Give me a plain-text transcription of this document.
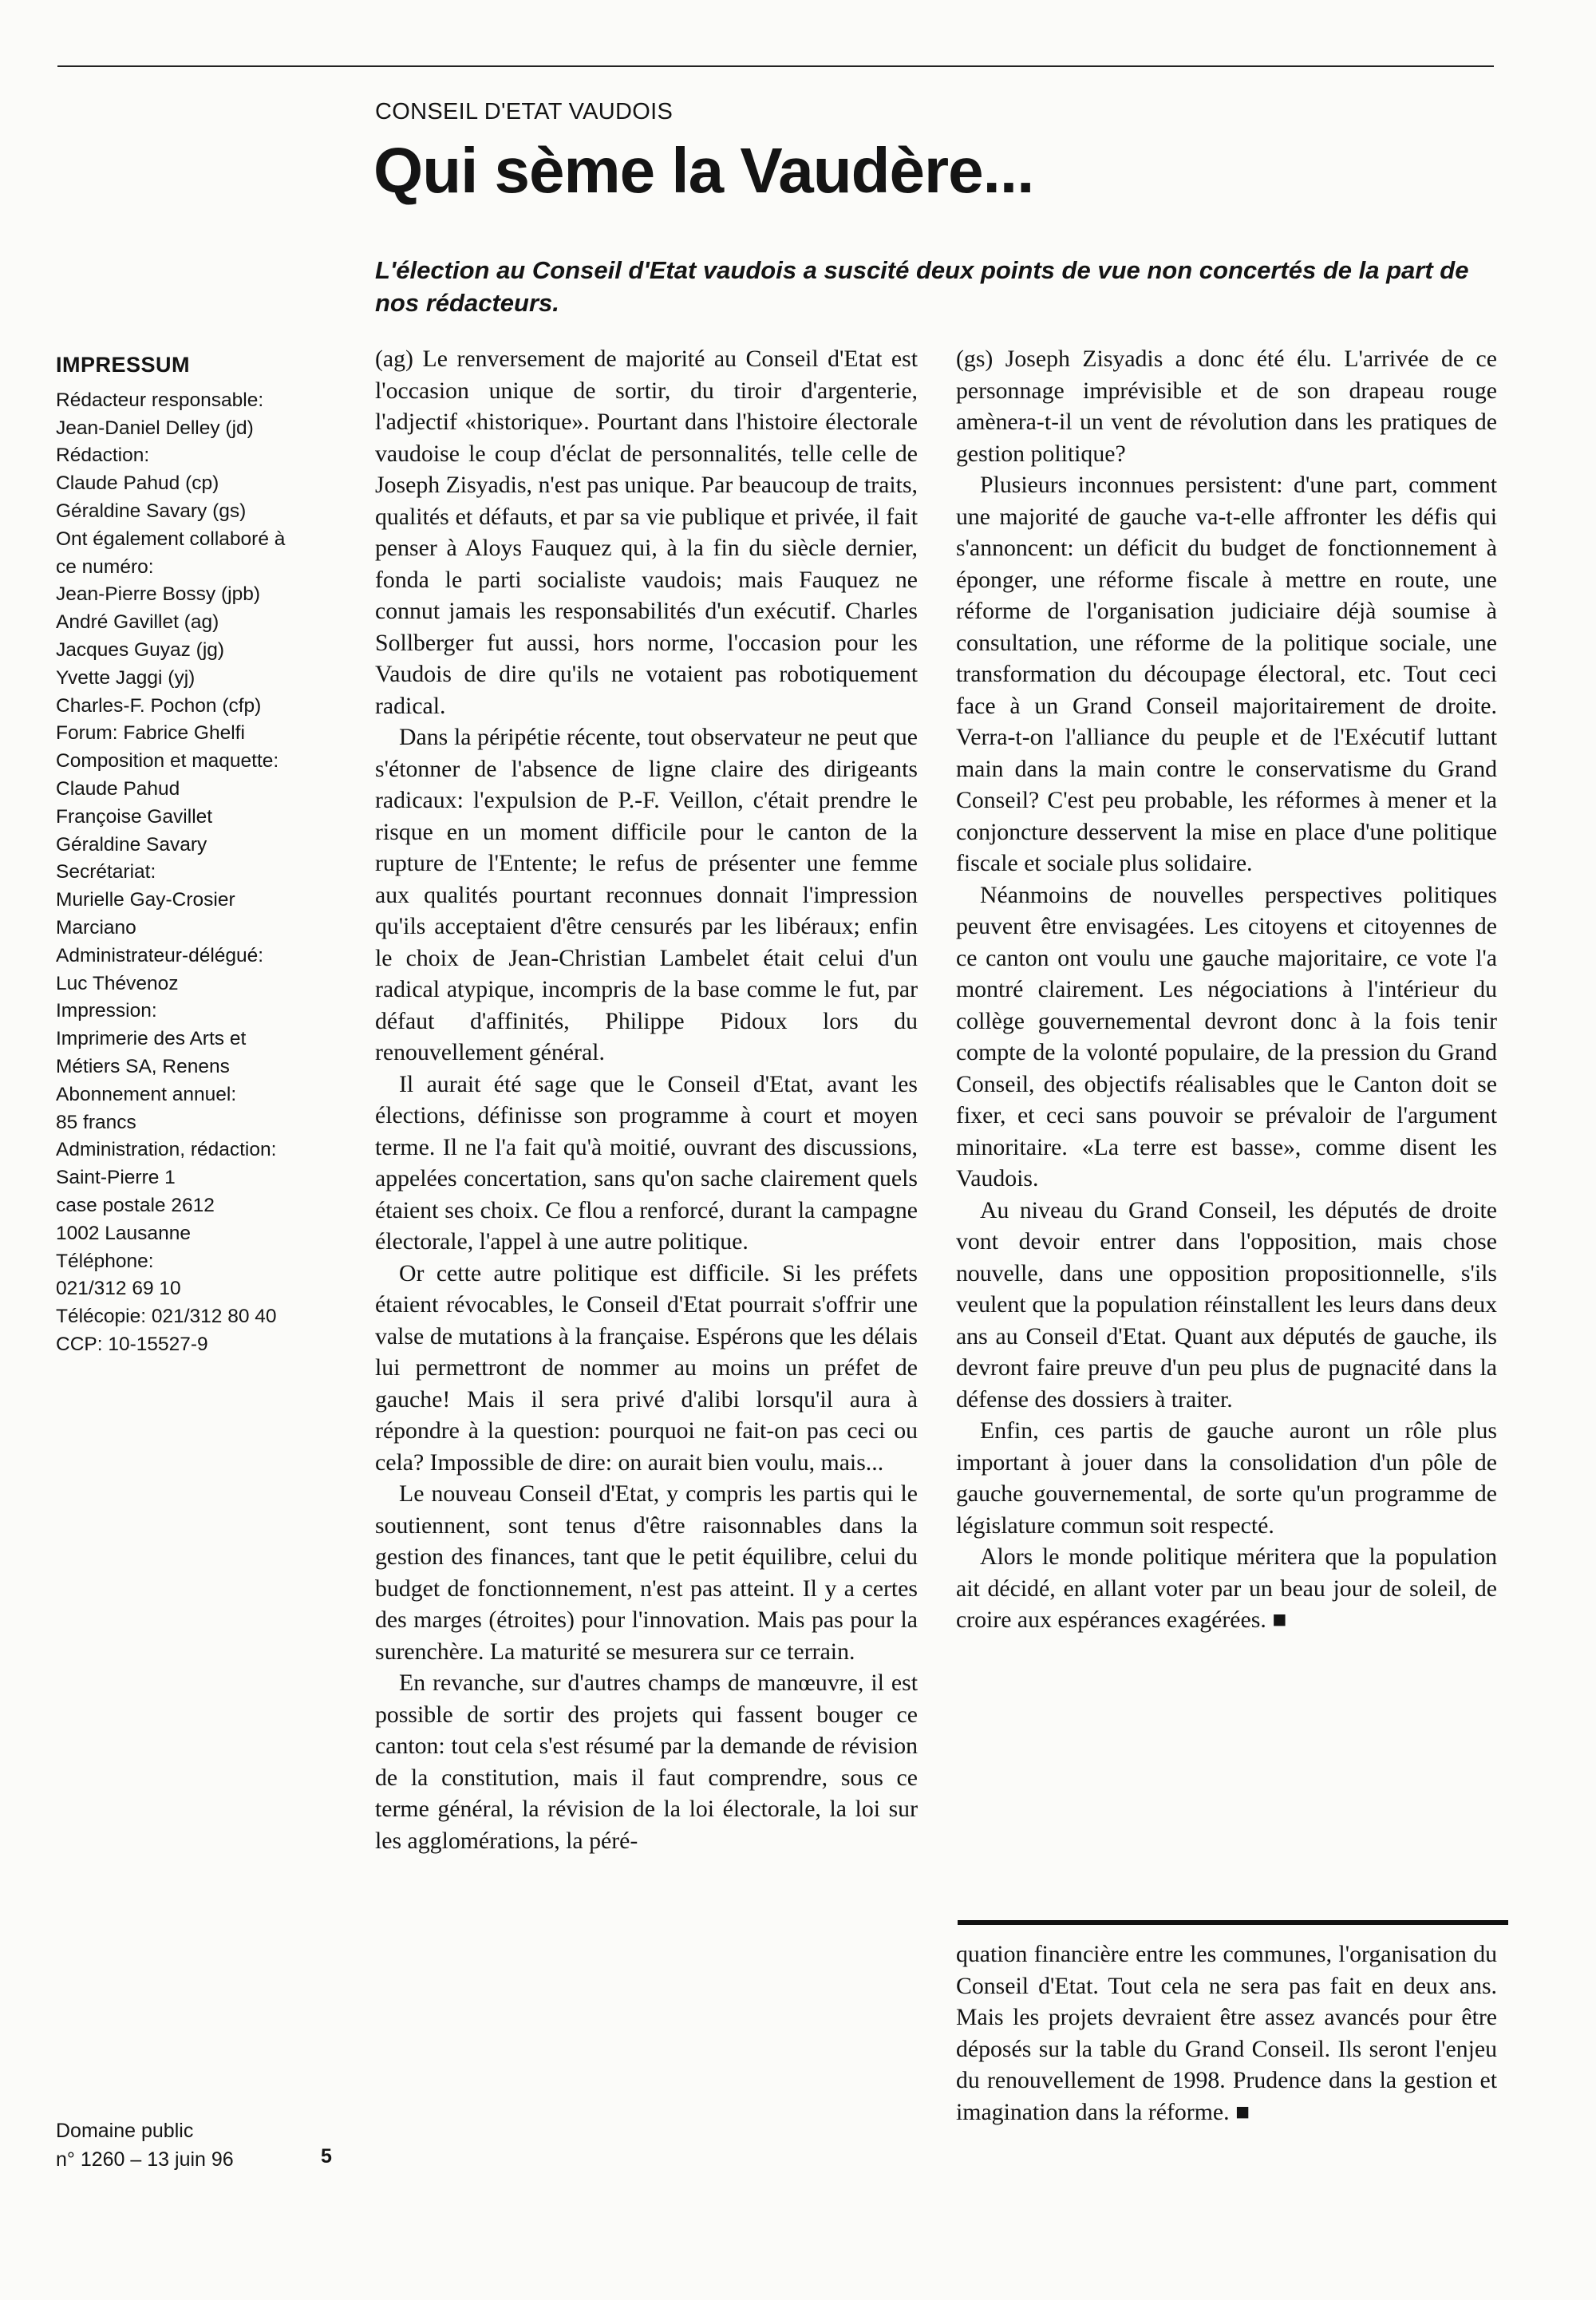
CONSEIL D'ETAT VAUDOIS
Qui sème la Vaudère...

L'élection au Conseil d'Etat vaudois a suscité deux points de vue non concertés de la part de nos rédacteurs.

IMPRESSUM
Rédacteur responsable:
Jean-Daniel Delley (jd)
Rédaction:
Claude Pahud (cp)
Géraldine Savary (gs)
Ont également collaboré à
ce numéro:
Jean-Pierre Bossy (jpb)
André Gavillet (ag)
Jacques Guyaz (jg)
Yvette Jaggi (yj)
Charles-F. Pochon (cfp)
Forum: Fabrice Ghelfi
Composition et maquette:
Claude Pahud
Françoise Gavillet
Géraldine Savary
Secrétariat:
Murielle Gay-Crosier
Marciano
Administrateur-délégué:
Luc Thévenoz
Impression:
Imprimerie des Arts et
Métiers SA, Renens
Abonnement annuel:
85 francs
Administration, rédaction:
Saint-Pierre 1
case postale 2612
1002 Lausanne
Téléphone:
021/312 69 10
Télécopie: 021/312 80 40
CCP: 10-15527-9
Domaine public
n° 1260 – 13 juin 96	5

(ag) Le renversement de majorité au Conseil d'Etat est l'occasion unique de sortir, du tiroir d'argenterie, l'adjectif «historique». Pourtant dans l'histoire électorale vaudoise le coup d'éclat de personnalités, telle celle de Joseph Zisyadis, n'est pas unique. Par beaucoup de traits, qualités et défauts, et par sa vie publique et privée, il fait penser à Aloys Fauquez qui, à la fin du siècle dernier, fonda le parti socialiste vaudois; mais Fauquez ne connut jamais les responsabilités d'un exécutif. Charles Sollberger fut aussi, hors norme, l'occasion pour les Vaudois de dire qu'ils ne votaient pas robotiquement radical.

Dans la péripétie récente, tout observateur ne peut que s'étonner de l'absence de ligne claire des dirigeants radicaux: l'expulsion de P.-F. Veillon, c'était prendre le risque en un moment difficile pour le canton de la rupture de l'Entente; le refus de présenter une femme aux qualités pourtant reconnues donnait l'impression qu'ils acceptaient d'être censurés par les libéraux; enfin le choix de Jean-Christian Lambelet était celui d'un radical atypique, incompris de la base comme le fut, par défaut d'affinités, Philippe Pidoux lors du renouvellement général.

Il aurait été sage que le Conseil d'Etat, avant les élections, définisse son programme à court et moyen terme. Il ne l'a fait qu'à moitié, ouvrant des discussions, appelées concertation, sans qu'on sache clairement quels étaient ses choix. Ce flou a renforcé, durant la campagne électorale, l'appel à une autre politique.

Or cette autre politique est difficile. Si les préfets étaient révocables, le Conseil d'Etat pourrait s'offrir une valse de mutations à la française. Espérons que les délais lui permettront de nommer au moins un préfet de gauche! Mais il sera privé d'alibi lorsqu'il aura à répondre à la question: pourquoi ne fait-on pas ceci ou cela? Impossible de dire: on aurait bien voulu, mais...

Le nouveau Conseil d'Etat, y compris les partis qui le soutiennent, sont tenus d'être raisonnables dans la gestion des finances, tant que le petit équilibre, celui du budget de fonctionnement, n'est pas atteint. Il y a certes des marges (étroites) pour l'innovation. Mais pas pour la surenchère. La maturité se mesurera sur ce terrain.

En revanche, sur d'autres champs de manœuvre, il est possible de sortir des projets qui fassent bouger ce canton: tout cela s'est résumé par la demande de révision de la constitution, mais il faut comprendre, sous ce terme général, la révision de la loi électorale, la loi sur les agglomérations, la péré-

(gs) Joseph Zisyadis a donc été élu. L'arrivée de ce personnage imprévisible et de son drapeau rouge amènera-t-il un vent de révolution dans les pratiques de gestion politique?

Plusieurs inconnues persistent: d'une part, comment une majorité de gauche va-t-elle affronter les défis qui s'annoncent: un déficit du budget de fonctionnement à éponger, une réforme fiscale à mettre en route, une réforme de l'organisation judiciaire déjà soumise à consultation, une réforme de la politique sociale, une transformation du découpage électoral, etc. Tout ceci face à un Grand Conseil majoritairement de droite. Verra-t-on l'alliance du peuple et de l'Exécutif luttant main dans la main contre le conservatisme du Grand Conseil? C'est peu probable, les réformes à mener et la conjoncture desservent la mise en place d'une politique fiscale et sociale plus solidaire.

Néanmoins de nouvelles perspectives politiques peuvent être envisagées. Les citoyens et citoyennes de ce canton ont voulu une gauche majoritaire, ce vote l'a montré clairement. Les négociations à l'intérieur du collège gouvernemental devront donc à la fois tenir compte de la volonté populaire, de la pression du Grand Conseil, des objectifs réalisables que le Canton doit se fixer, et ceci sans pouvoir se prévaloir de l'argument minoritaire. «La terre est basse», comme disent les Vaudois.

Au niveau du Grand Conseil, les députés de droite vont devoir entrer dans l'opposition, mais chose nouvelle, dans une opposition propositionnelle, s'ils veulent que la population réinstallent les leurs dans deux ans au Conseil d'Etat. Quant aux députés de gauche, ils devront faire preuve d'un peu plus de pugnacité dans la défense des dossiers à traiter.

Enfin, ces partis de gauche auront un rôle plus important à jouer dans la consolidation d'un pôle de gauche gouvernemental, de sorte qu'un programme de législature commun soit respecté.

Alors le monde politique méritera que la population ait décidé, en allant voter par un beau jour de soleil, de croire aux espérances exagérées. ■

quation financière entre les communes, l'organisation du Conseil d'Etat. Tout cela ne sera pas fait en deux ans. Mais les projets devraient être assez avancés pour être déposés sur la table du Grand Conseil. Ils seront l'enjeu du renouvellement de 1998. Prudence dans la gestion et imagination dans la réforme. ■
